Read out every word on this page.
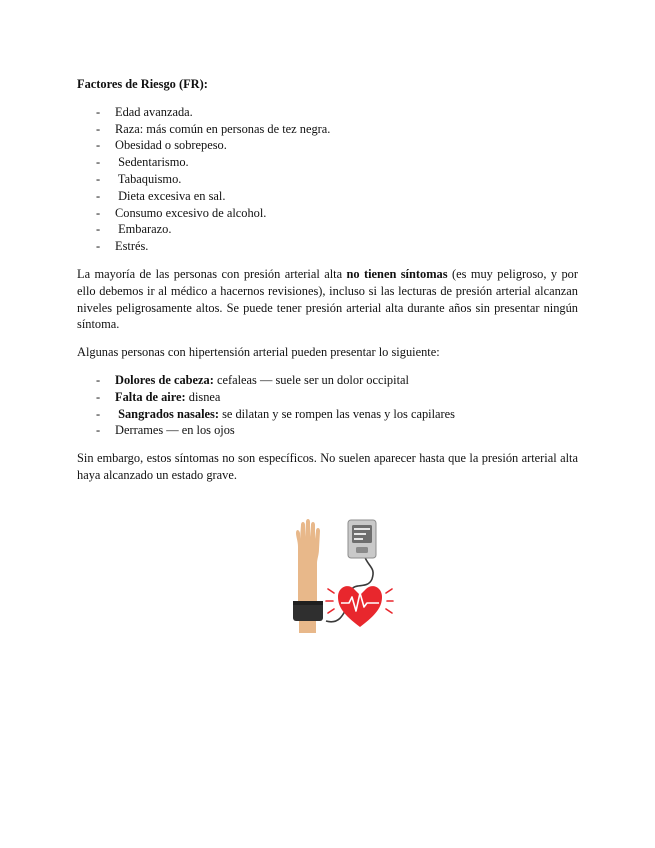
Factores de Riesgo (FR):

- Edad avanzada.
- Raza: más común en personas de tez negra.
- Obesidad o sobrepeso.
- Sedentarismo.
- Tabaquismo.
- Dieta excesiva en sal.
- Consumo excesivo de alcohol.
- Embarazo.
- Estrés.

La mayoría de las personas con presión arterial alta no tienen síntomas (es muy peligroso, y por ello debemos ir al médico a hacernos revisiones), incluso si las lecturas de presión arterial alcanzan niveles peligrosamente altos. Se puede tener presión arterial alta durante años sin presentar ningún síntoma.

Algunas personas con hipertensión arterial pueden presentar lo siguiente:

- Dolores de cabeza: cefaleas — suele ser un dolor occipital
- Falta de aire: disnea
- Sangrados nasales: se dilatan y se rompen las venas y los capilares
- Derrames — en los ojos

Sin embargo, estos síntomas no son específicos. No suelen aparecer hasta que la presión arterial alta haya alcanzado un estado grave.
